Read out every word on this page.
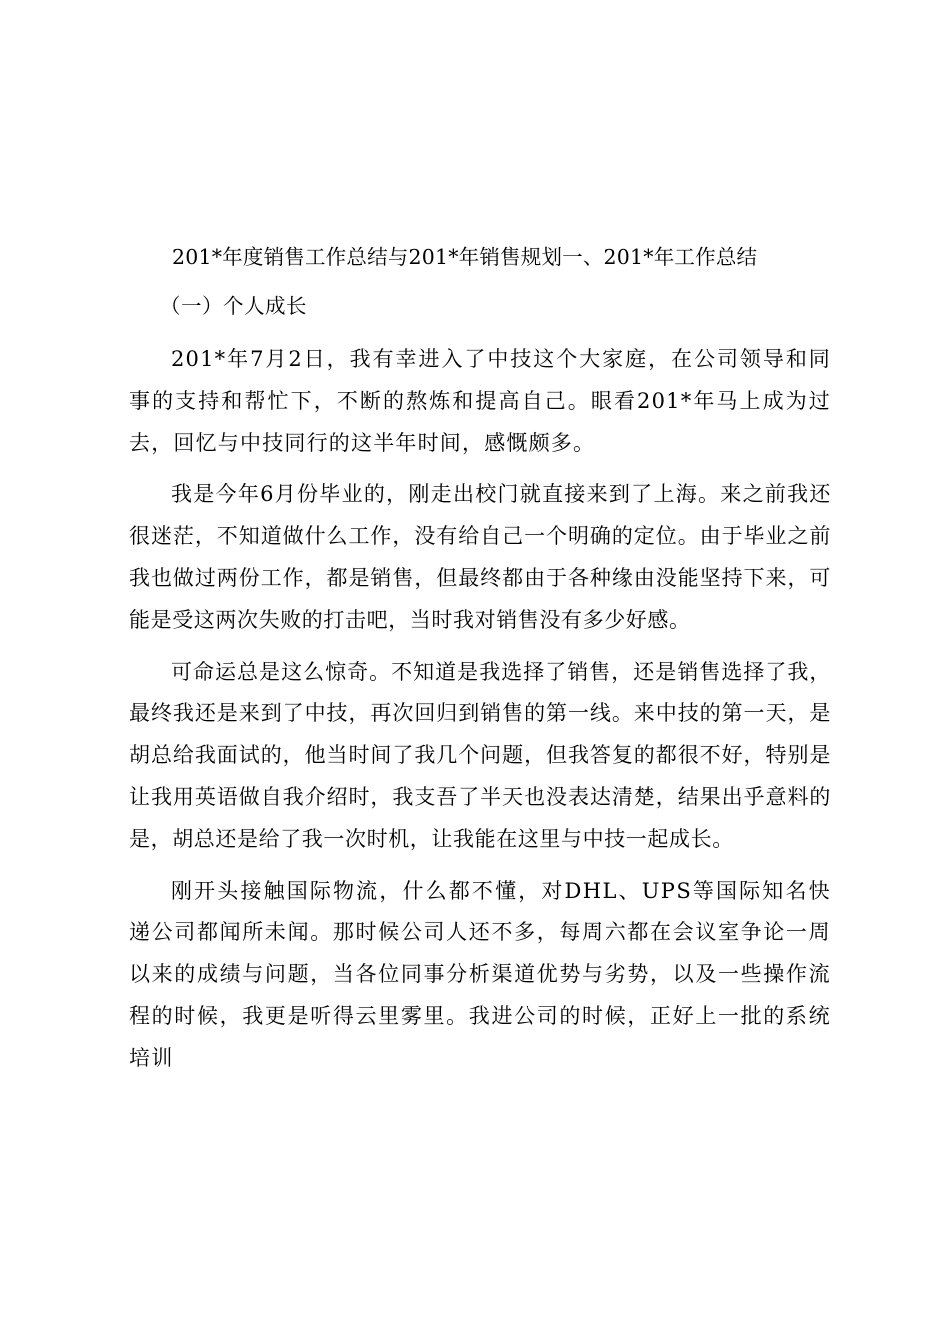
201*年度销售工作总结与201*年销售规划一、201*年工作总结
（一）个人成长

201*年7月2日，我有幸进入了中技这个大家庭，在公司领导和同事的支持和帮忙下，不断的熬炼和提高自己。眼看201*年马上成为过去，回忆与中技同行的这半年时间，感慨颇多。

我是今年6月份毕业的，刚走出校门就直接来到了上海。来之前我还很迷茫，不知道做什么工作，没有给自己一个明确的定位。由于毕业之前我也做过两份工作，都是销售，但最终都由于各种缘由没能坚持下来，可能是受这两次失败的打击吧，当时我对销售没有多少好感。

可命运总是这么惊奇。不知道是我选择了销售，还是销售选择了我，最终我还是来到了中技，再次回归到销售的第一线。来中技的第一天，是胡总给我面试的，他当时间了我几个问题，但我答复的都很不好，特别是让我用英语做自我介绍时，我支吾了半天也没表达清楚，结果出乎意料的是，胡总还是给了我一次时机，让我能在这里与中技一起成长。

刚开头接触国际物流，什么都不懂，对DHL、UPS等国际知名快递公司都闻所未闻。那时候公司人还不多，每周六都在会议室争论一周以来的成绩与问题，当各位同事分析渠道优势与劣势，以及一些操作流程的时候，我更是听得云里雾里。我进公司的时候，正好上一批的系统培训
